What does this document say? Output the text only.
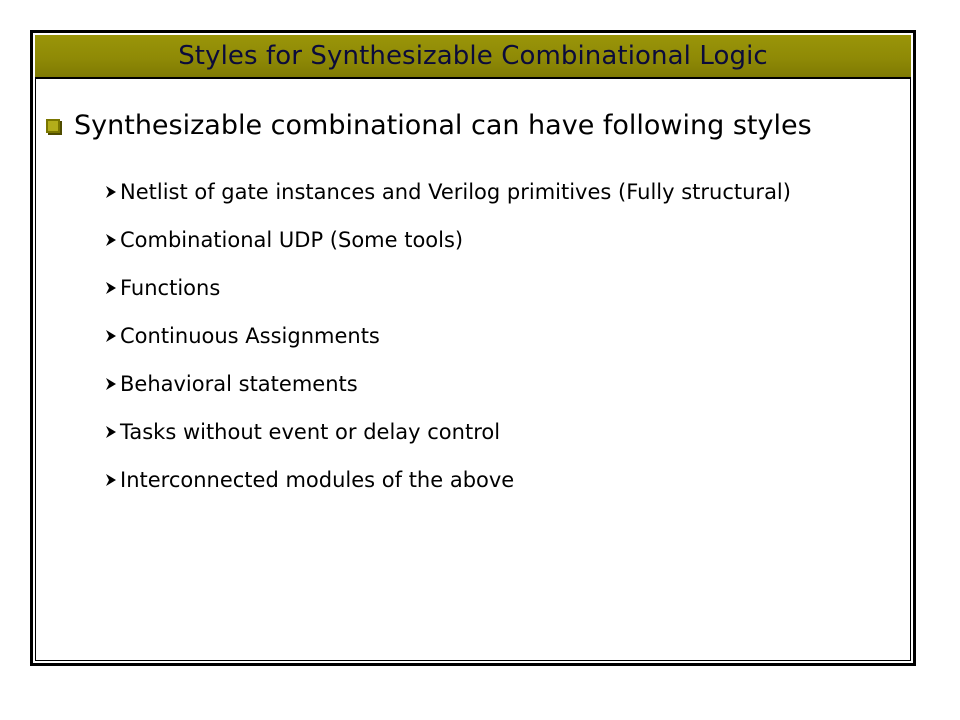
Styles for Synthesizable Combinational Logic
Synthesizable combinational can have following styles
Netlist of gate instances and Verilog primitives (Fully structural)
Combinational UDP (Some tools)
Functions
Continuous Assignments
Behavioral statements
Tasks without event or delay control
Interconnected modules of the above
